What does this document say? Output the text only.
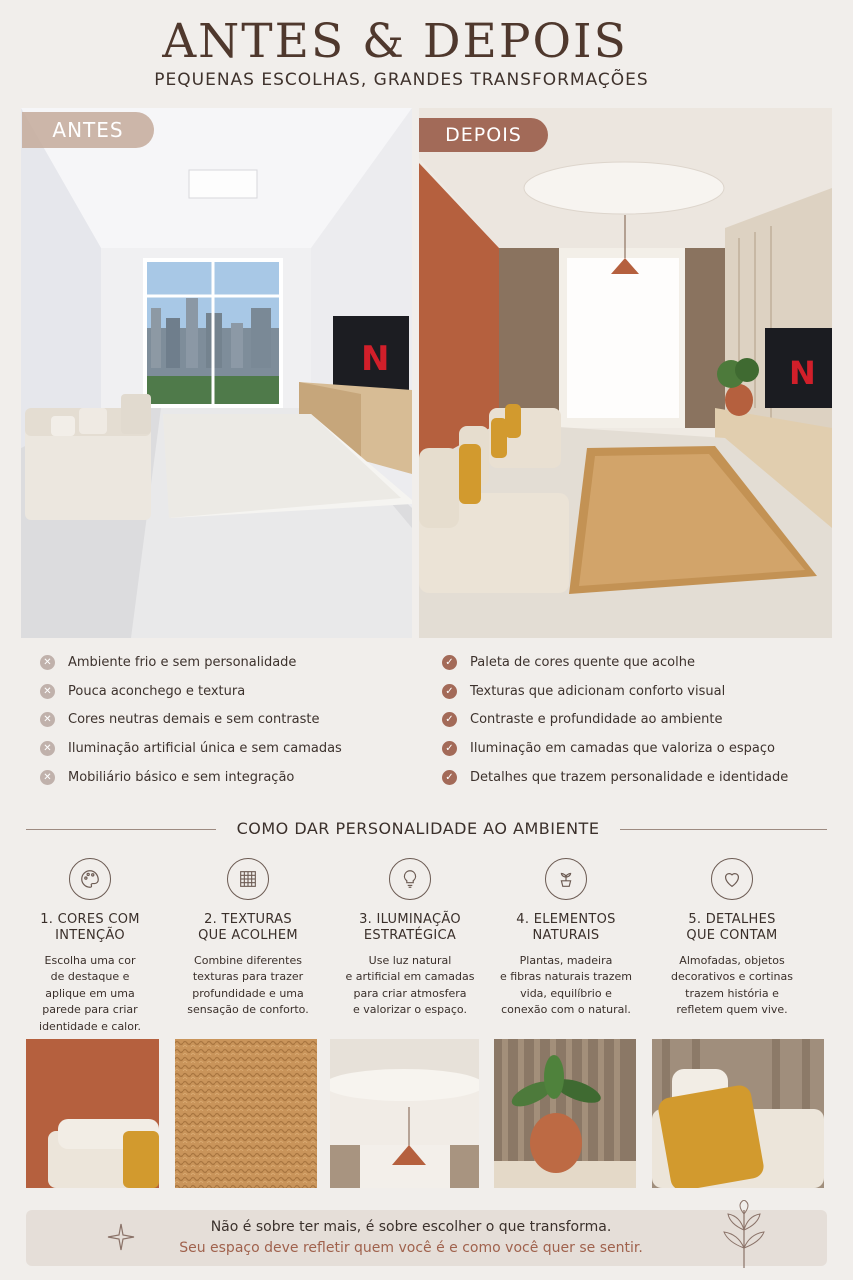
ANTES & DEPOIS
PEQUENAS ESCOLHAS, GRANDES TRANSFORMAÇÕES
N
ANTES
N
DEPOIS
✕ Ambiente frio e sem personalidade
✕ Pouca aconchego e textura
✕ Cores neutras demais e sem contraste
✕ Iluminação artificial única e sem camadas
✕ Mobiliário básico e sem integração
✓ Paleta de cores quente que acolhe
✓ Texturas que adicionam conforto visual
✓ Contraste e profundidade ao ambiente
✓ Iluminação em camadas que valoriza o espaço
✓ Detalhes que trazem personalidade e identidade
COMO DAR PERSONALIDADE AO AMBIENTE
1. CORES COM
INTENÇÃO
Escolha uma cor
de destaque e
aplique em uma
parede para criar
identidade e calor.
2. TEXTURAS
QUE ACOLHEM
Combine diferentes
texturas para trazer
profundidade e uma
sensação de conforto.
3. ILUMINAÇÃO
ESTRATÉGICA
Use luz natural
e artificial em camadas
para criar atmosfera
e valorizar o espaço.
4. ELEMENTOS
NATURAIS
Plantas, madeira
e fibras naturais trazem
vida, equilíbrio e
conexão com o natural.
5. DETALHES
QUE CONTAM
Almofadas, objetos
decorativos e cortinas
trazem história e
refletem quem vive.
Não é sobre ter mais, é sobre escolher o que transforma.
Seu espaço deve refletir quem você é e como você quer se sentir.
